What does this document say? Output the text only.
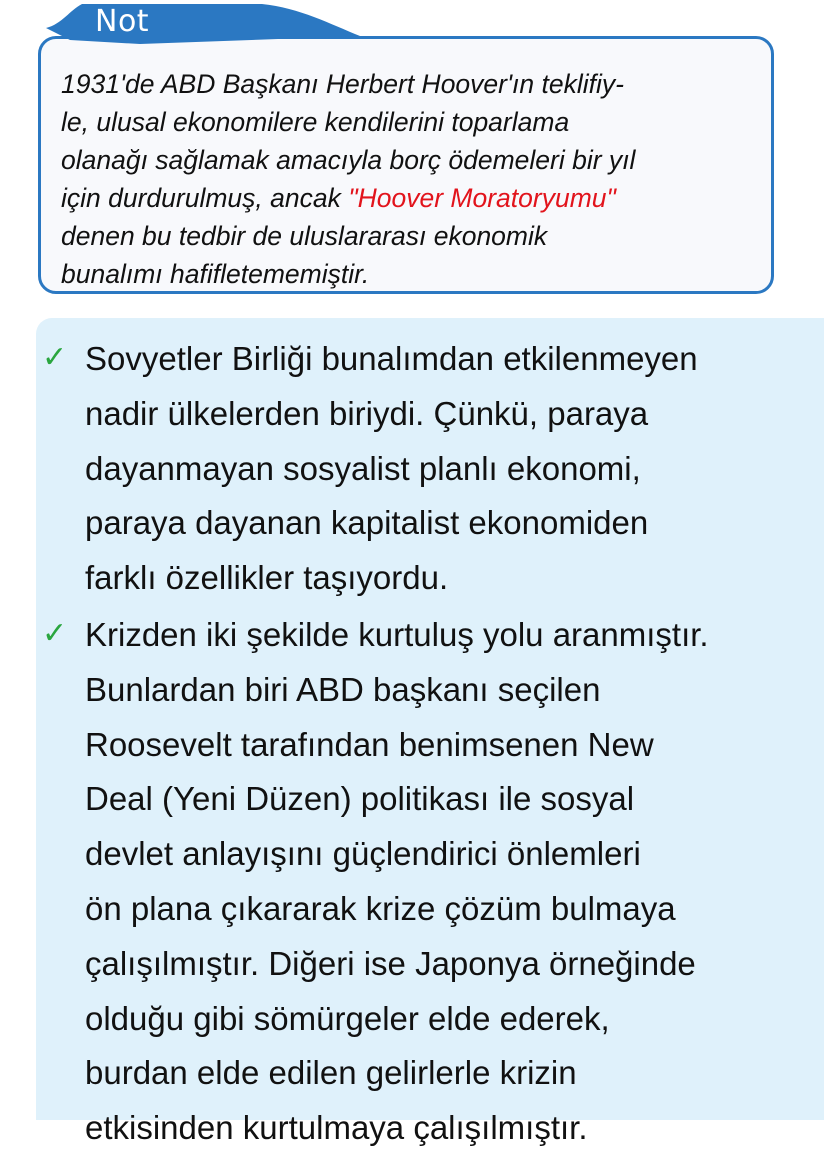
1931'de ABD Başkanı Herbert Hoover'ın teklifiy-
le, ulusal ekonomilere kendilerini toparlama
olanağı sağlamak amacıyla borç ödemeleri bir yıl
için durdurulmuş, ancak "Hoover Moratoryumu"
denen bu tedbir de uluslararası ekonomik
bunalımı hafifletememiştir.

Not
✓ Sovyetler Birliği bunalımdan etkilenmeyen
nadir ülkelerden biriydi. Çünkü, paraya
dayanmayan sosyalist planlı ekonomi,
paraya dayanan kapitalist ekonomiden
farklı özellikler taşıyordu.

✓ Krizden iki şekilde kurtuluş yolu aranmıştır.
Bunlardan biri ABD başkanı seçilen
Roosevelt tarafından benimsenen New
Deal (Yeni Düzen) politikası ile sosyal
devlet anlayışını güçlendirici önlemleri
ön plana çıkararak krize çözüm bulmaya
çalışılmıştır. Diğeri ise Japonya örneğinde
olduğu gibi sömürgeler elde ederek,
burdan elde edilen gelirlerle krizin
etkisinden kurtulmaya çalışılmıştır.
